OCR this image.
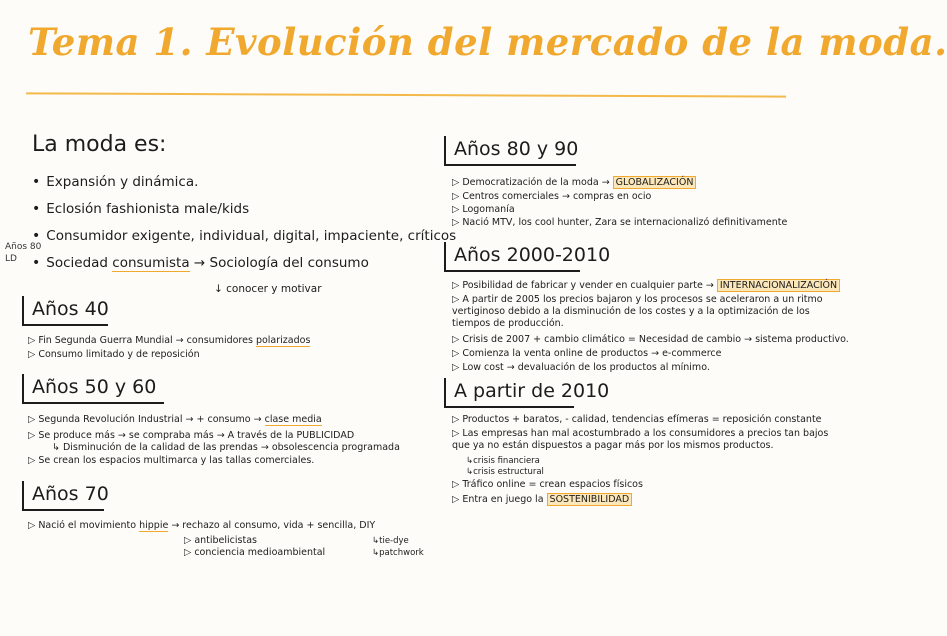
Tema 1. Evolución del mercado de la moda.
La moda es:
• Expansión y dinámica.
• Eclosión fashionista male/kids
• Consumidor exigente, individual, digital, impaciente, críticos
Años 80
LD • Sociedad consumista → Sociología del consumo
↓ conocer y motivar
Años 40
▷ Fin Segunda Guerra Mundial → consumidores polarizados
▷ Consumo limitado y de reposición
Años 50 y 60
▷ Segunda Revolución Industrial → + consumo → clase media
▷ Se produce más → se compraba más → A través de la PUBLICIDAD
↳ Disminución de la calidad de las prendas → obsolescencia programada
▷ Se crean los espacios multimarca y las tallas comerciales.
Años 70
▷ Nació el movimiento hippie → rechazo al consumo, vida + sencilla, DIY
▷ antibelicistas
▷ conciencia medioambiental
↳tie-dye
↳patchwork
Años 80 y 90
▷ Democratización de la moda → GLOBALIZACIÓN
▷ Centros comerciales → compras en ocio
▷ Logomanía
▷ Nació MTV, los cool hunter, Zara se internacionalizó definitivamente
Años 2000-2010
▷ Posibilidad de fabricar y vender en cualquier parte → INTERNACIONALIZACIÓN
▷ A partir de 2005 los precios bajaron y los procesos se aceleraron a un ritmo vertiginoso debido a la disminución de los costes y a la optimización de los tiempos de producción.
▷ Crisis de 2007 + cambio climático = Necesidad de cambio → sistema productivo.
▷ Comienza la venta online de productos → e-commerce
▷ Low cost → devaluación de los productos al mínimo.
A partir de 2010
▷ Productos + baratos, - calidad, tendencias efímeras = reposición constante
▷ Las empresas han mal acostumbrado a los consumidores a precios tan bajos que ya no están dispuestos a pagar más por los mismos productos.
↳crisis financiera
↳crisis estructural
▷ Tráfico online = crean espacios físicos
▷ Entra en juego la SOSTENIBILIDAD
